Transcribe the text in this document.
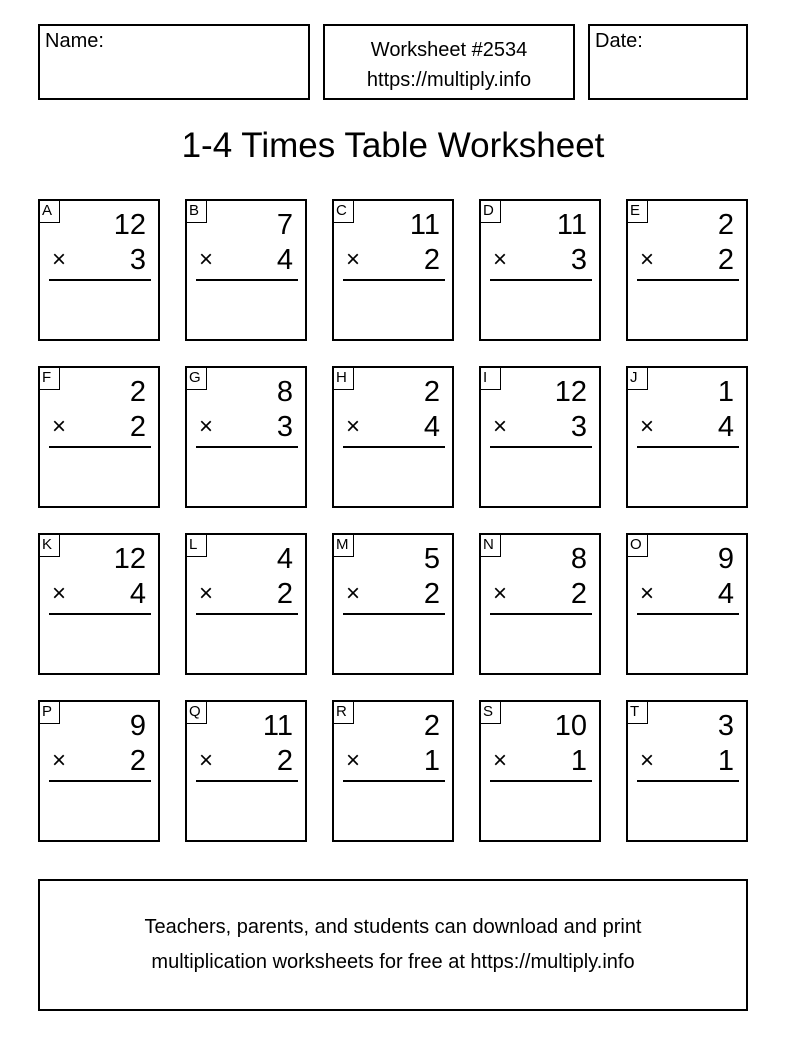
Name:	Worksheet #2534
https://multiply.info
Date:
1-4 Times Table Worksheet
A 12
× 3
B	7
× 4
C 11
× 2
D 11
× 3
E	2
× 2
F	2
× 2
G	8
× 3
H	2
× 4
I	12
× 3
J	1
× 4
K 12
× 4
L	4
× 2
M	5
× 2
N	8
× 2
O	9
× 4
P	9
× 2
Q 11
× 2
R	2
× 1
S 10
× 1
T	3
× 1
Teachers, parents, and students can download and print
multiplication worksheets for free at https://multiply.info
